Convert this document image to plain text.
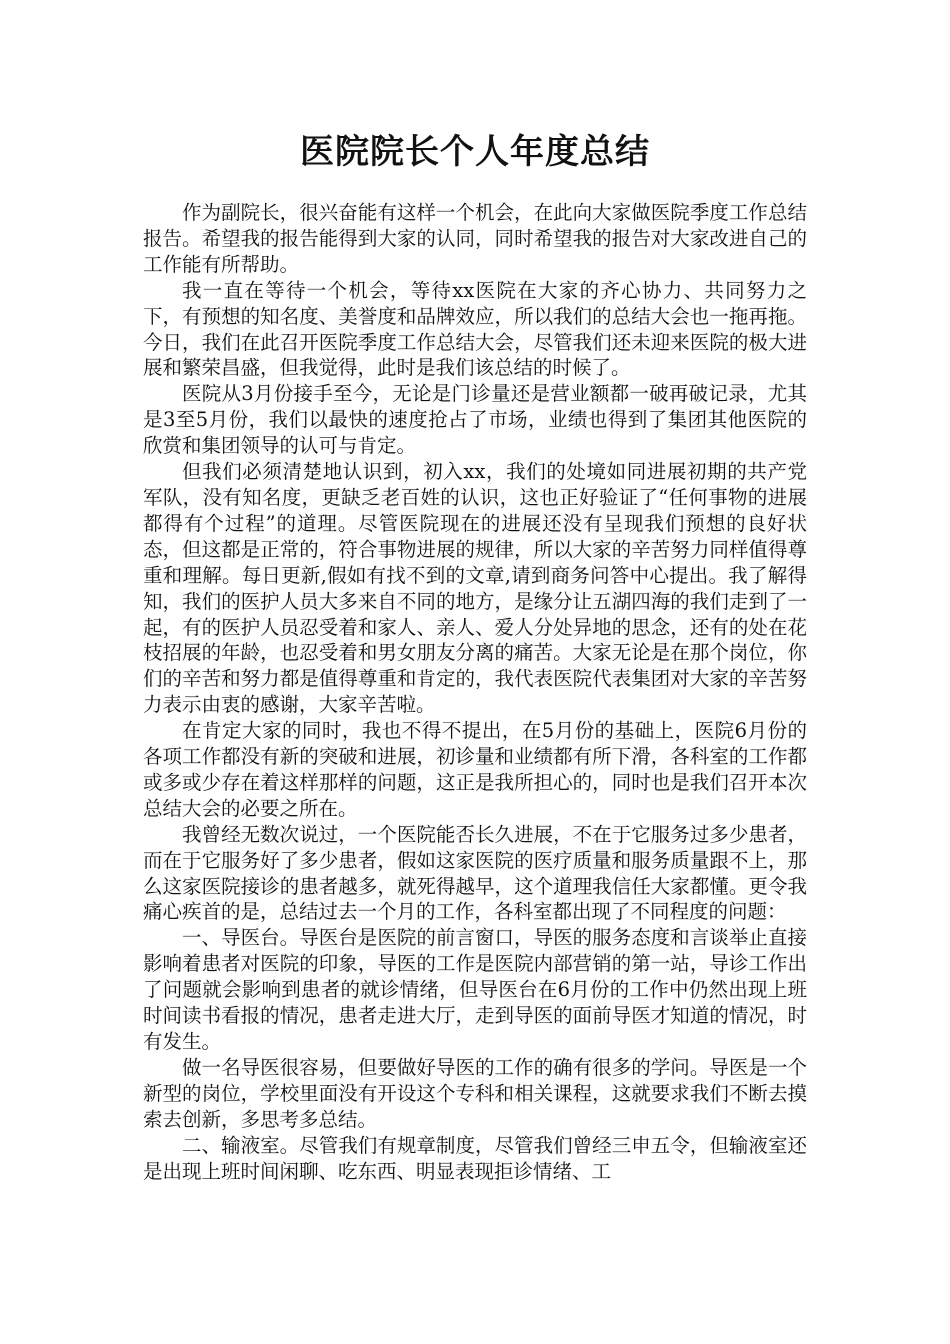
医院院长个人年度总结

作为副院长，很兴奋能有这样一个机会，在此向大家做医院季度工作总结报告。希望我的报告能得到大家的认同，同时希望我的报告对大家改进自己的工作能有所帮助。

我一直在等待一个机会，等待xx医院在大家的齐心协力、共同努力之下，有预想的知名度、美誉度和品牌效应，所以我们的总结大会也一拖再拖。今日，我们在此召开医院季度工作总结大会，尽管我们还未迎来医院的极大进展和繁荣昌盛，但我觉得，此时是我们该总结的时候了。

医院从3月份接手至今，无论是门诊量还是营业额都一破再破记录，尤其是3至5月份，我们以最快的速度抢占了市场，业绩也得到了集团其他医院的欣赏和集团领导的认可与肯定。

但我们必须清楚地认识到，初入xx，我们的处境如同进展初期的共产党军队，没有知名度，更缺乏老百姓的认识，这也正好验证了“任何事物的进展都得有个过程”的道理。尽管医院现在的进展还没有呈现我们预想的良好状态，但这都是正常的，符合事物进展的规律，所以大家的辛苦努力同样值得尊重和理解。每日更新,假如有找不到的文章,请到商务问答中心提出。我了解得知，我们的医护人员大多来自不同的地方，是缘分让五湖四海的我们走到了一起，有的医护人员忍受着和家人、亲人、爱人分处异地的思念，还有的处在花枝招展的年龄，也忍受着和男女朋友分离的痛苦。大家无论是在那个岗位，你们的辛苦和努力都是值得尊重和肯定的，我代表医院代表集团对大家的辛苦努力表示由衷的感谢，大家辛苦啦。

在肯定大家的同时，我也不得不提出，在5月份的基础上，医院6月份的各项工作都没有新的突破和进展，初诊量和业绩都有所下滑，各科室的工作都或多或少存在着这样那样的问题，这正是我所担心的，同时也是我们召开本次总结大会的必要之所在。

我曾经无数次说过，一个医院能否长久进展，不在于它服务过多少患者，而在于它服务好了多少患者，假如这家医院的医疗质量和服务质量跟不上，那么这家医院接诊的患者越多，就死得越早，这个道理我信任大家都懂。更令我痛心疾首的是，总结过去一个月的工作，各科室都出现了不同程度的问题：

一、导医台。导医台是医院的前言窗口，导医的服务态度和言谈举止直接影响着患者对医院的印象，导医的工作是医院内部营销的第一站，导诊工作出了问题就会影响到患者的就诊情绪，但导医台在6月份的工作中仍然出现上班时间读书看报的情况，患者走进大厅，走到导医的面前导医才知道的情况，时有发生。

做一名导医很容易，但要做好导医的工作的确有很多的学问。导医是一个新型的岗位，学校里面没有开设这个专科和相关课程，这就要求我们不断去摸索去创新，多思考多总结。

二、输液室。尽管我们有规章制度，尽管我们曾经三申五令，但输液室还是出现上班时间闲聊、吃东西、明显表现拒诊情绪、工
